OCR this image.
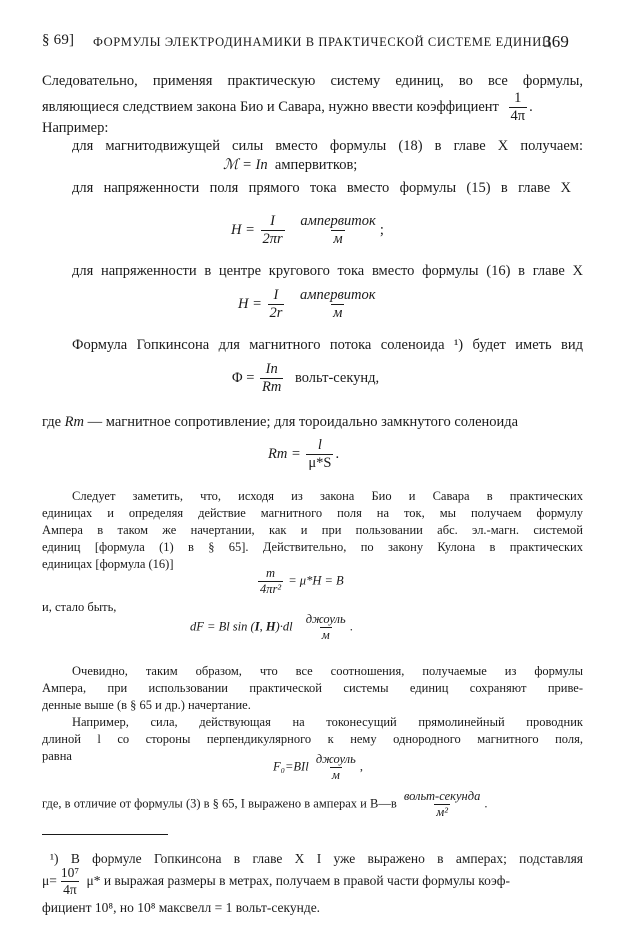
§ 69] ФОРМУЛЫ ЭЛЕКТРОДИНАМИКИ В ПРАКТИЧЕСКОЙ СИСТЕМЕ ЕДИНИЦ
369
Следовательно, применяя практическую систему единиц, во все формулы,
являющиеся следствием закона Био и Савара, нужно ввести коэффициент $\frac{1}{4\pi}$ .
Например:
для магнитодвижущей силы вместо формулы (18) в главе X получаем:
ℳ = In ампервитков;
для напряженности поля прямого тока вместо формулы (15) в главе X
$H = \frac{I}{2\pi r}$
$\frac{\text{ампервиток}}{м}$ ;
для напряженности в центре кругового тока вместо формулы (16) в главе X
$H = \frac{I}{2r}$
$\frac{\text{ампервиток}}{м}$
Формула Гопкинсона для магнитного потока соленоида ¹) будет иметь вид
$\Phi = \frac{In}{Rm}$ вольт-секунд,
где Rm — магнитное сопротивление; для тороидально замкнутого соленоида
$Rm = \frac{l}{\mu*S}$ .
Следует заметить, что, исходя из закона Био и Савара в практических
единицах и определяя действие магнитного поля на ток, мы получаем формулу
Ампера в таком же начертании, как и при пользовании абс. эл.-магн. системой
единиц [формула (1) в § 65]. Действительно, по закону Кулона в практических
единицах [формула (16)]
$\frac{m}{\text{4πr²}} = \mu*H = B$
и, стало быть,
dF = Bl sin (I, $H)\cdot dl \frac{\text{джоуль}}{м}$ .
Очевидно, таким образом, что все соотношения, получаемые из формулы
Ампера, при использовании практической системы единиц сохраняют приве-
денные выше (в § 65 и др.) начертание.
Например, сила, действующая на токонесущий прямолинейный проводник
длиной l со стороны перпендикулярного к нему однородного магнитного поля,
равна
$F_0=BIl \frac{\text{джоуль}}{м}$ ,
где, в отличие от формулы (3) в § 65, I выражено в амперах и B—в $\frac{\text{вольт-секунда}}{\text{м²}}$ .
¹) В формуле Гопкинсона в главе X I уже выражено в амперах; подставляя
$\mu= \frac{\text{10⁷}}{4\pi} \mu*$ и выражая размеры в метрах, получаем в правой части формулы коэф-
фициент 10⁸, но 10⁸ максвелл = 1 вольт-секунде.
